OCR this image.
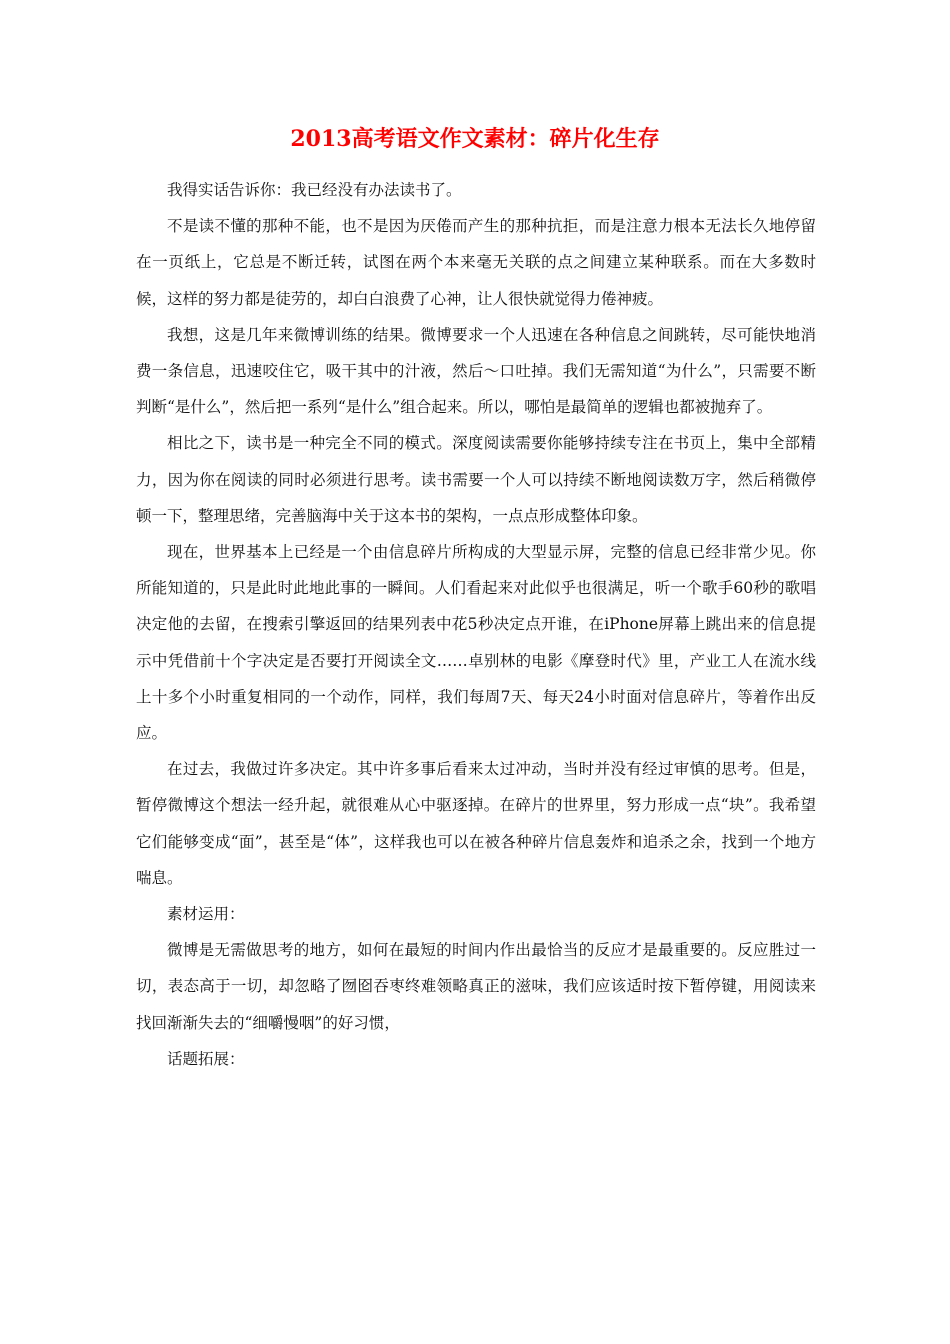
2013高考语文作文素材：碎片化生存

我得实话告诉你：我已经没有办法读书了。

不是读不懂的那种不能，也不是因为厌倦而产生的那种抗拒，而是注意力根本无法长久地停留在一页纸上，它总是不断迁转，试图在两个本来毫无关联的点之间建立某种联系。而在大多数时候，这样的努力都是徒劳的，却白白浪费了心神，让人很快就觉得力倦神疲。

我想，这是几年来微博训练的结果。微博要求一个人迅速在各种信息之间跳转，尽可能快地消费一条信息，迅速咬住它，吸干其中的汁液，然后～口吐掉。我们无需知道“为什么”，只需要不断判断“是什么”，然后把一系列“是什么”组合起来。所以，哪怕是最简单的逻辑也都被抛弃了。

相比之下，读书是一种完全不同的模式。深度阅读需要你能够持续专注在书页上，集中全部精力，因为你在阅读的同时必须进行思考。读书需要一个人可以持续不断地阅读数万字，然后稍微停顿一下，整理思绪，完善脑海中关于这本书的架构，一点点形成整体印象。

现在，世界基本上已经是一个由信息碎片所构成的大型显示屏，完整的信息已经非常少见。你所能知道的，只是此时此地此事的一瞬间。人们看起来对此似乎也很满足，听一个歌手60秒的歌唱决定他的去留，在搜索引擎返回的结果列表中花5秒决定点开谁，在iPhone屏幕上跳出来的信息提示中凭借前十个字决定是否要打开阅读全文……卓别林的电影《摩登时代》里，产业工人在流水线上十多个小时重复相同的一个动作，同样，我们每周7天、每天24小时面对信息碎片，等着作出反应。

在过去，我做过许多决定。其中许多事后看来太过冲动，当时并没有经过审慎的思考。但是，暂停微博这个想法一经升起，就很难从心中驱逐掉。在碎片的世界里，努力形成一点“块”。我希望它们能够变成“面”，甚至是“体”，这样我也可以在被各种碎片信息轰炸和追杀之余，找到一个地方喘息。

素材运用：

微博是无需做思考的地方，如何在最短的时间内作出最恰当的反应才是最重要的。反应胜过一切，表态高于一切，却忽略了囫囵吞枣终难领略真正的滋味，我们应该适时按下暂停键，用阅读来找回渐渐失去的“细嚼慢咽”的好习惯，

话题拓展：
